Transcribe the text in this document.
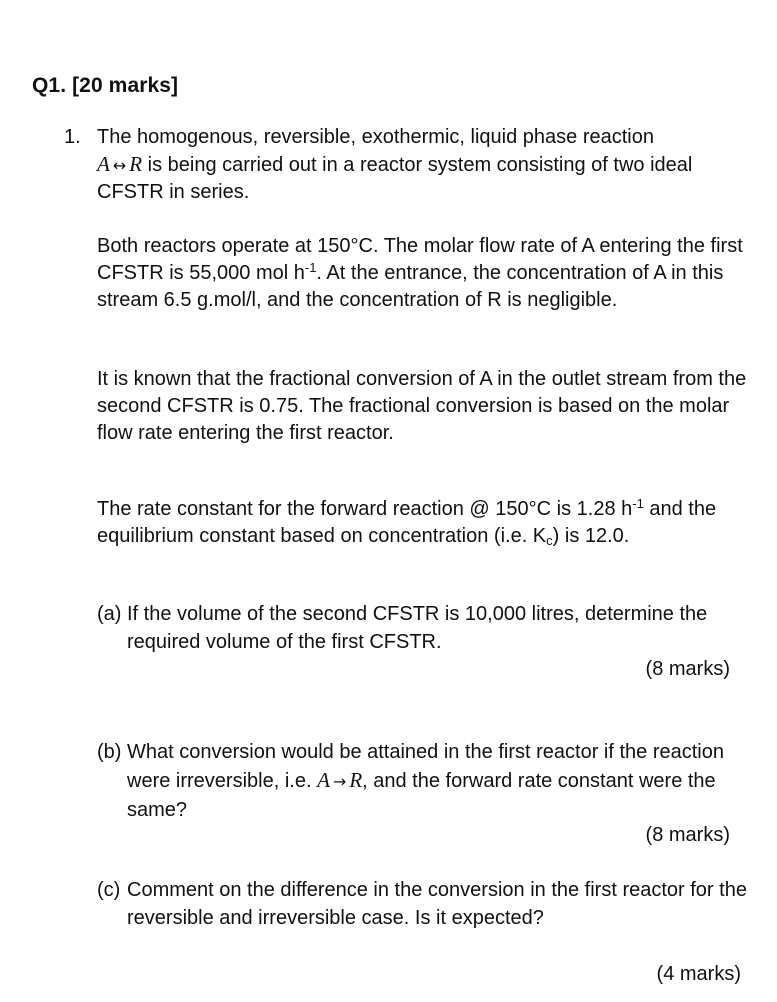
Q1. [20 marks]
1. The homogenous, reversible, exothermic, liquid phase reaction
A ↔ R is being carried out in a reactor system consisting of two ideal CFSTR in series.
Both reactors operate at 150°C. The molar flow rate of A entering the first CFSTR is 55,000 mol $h^{-1}$. At the entrance, the concentration of A in this stream 6.5 g.mol/l, and the concentration of R is negligible.
It is known that the fractional conversion of A in the outlet stream from the second CFSTR is 0.75. The fractional conversion is based on the molar flow rate entering the first reactor.
The rate constant for the forward reaction @ 150°C is 1.28 $h^{-1}$ and the equilibrium constant based on concentration (i.e. $K_c$) is 12.0.
(a) If the volume of the second CFSTR is 10,000 litres, determine the required volume of the first CFSTR.
(8 marks)
(b) What conversion would be attained in the first reactor if the reaction were irreversible, i.e. A → R, and the forward rate constant were the same?
(8 marks)
(c) Comment on the difference in the conversion in the first reactor for the reversible and irreversible case. Is it expected?
(4 marks)
